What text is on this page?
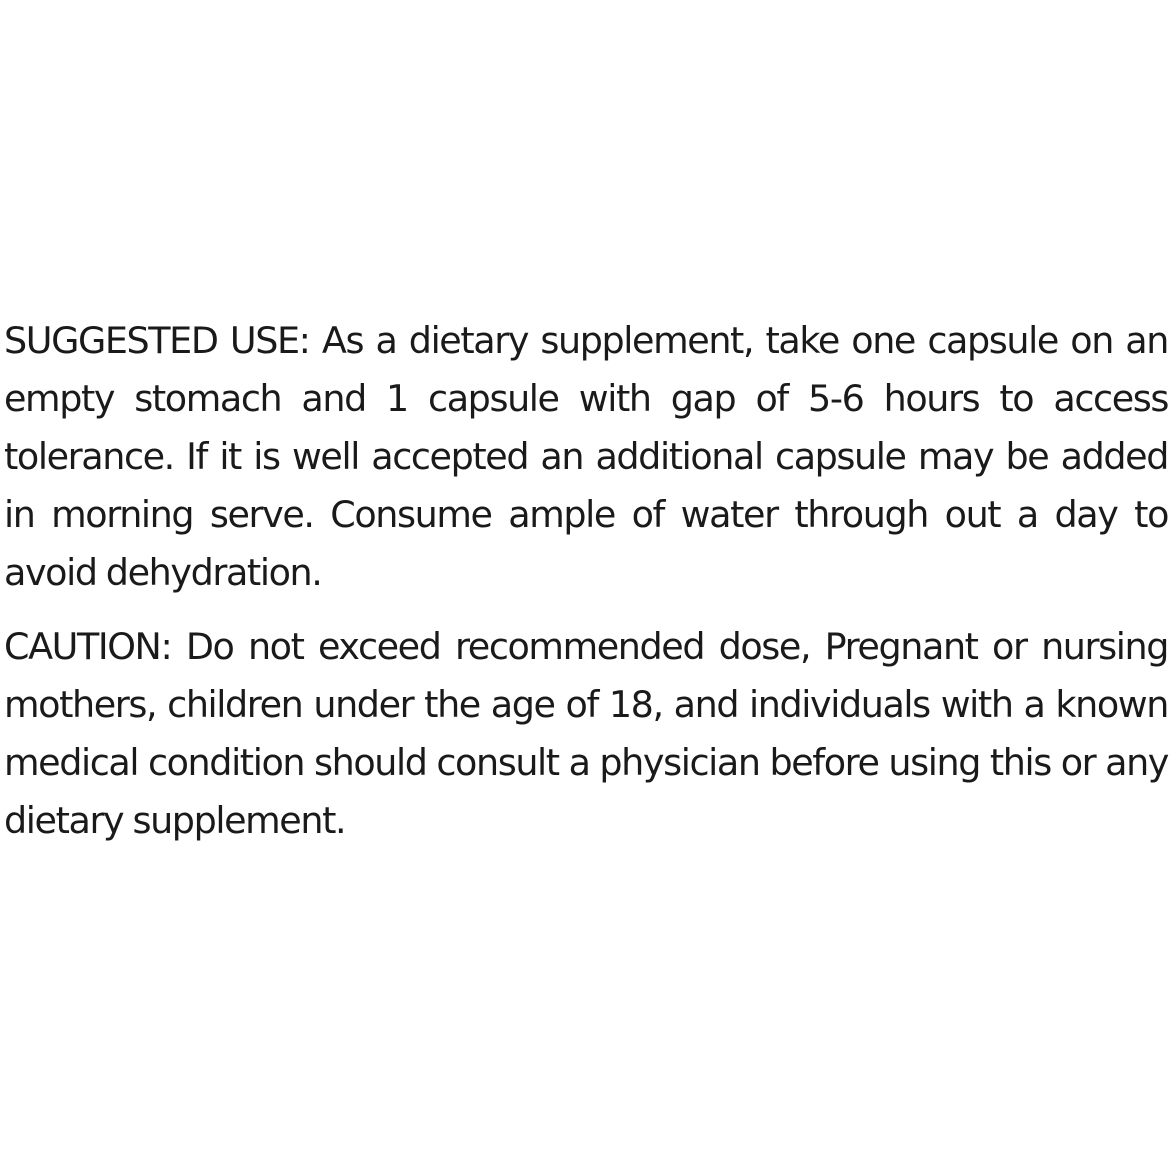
SUGGESTED USE: As a dietary supplement, take one capsule on an empty stomach and 1 capsule with gap of 5-6 hours to access tolerance. If it is well accepted an additional capsule may be added in morning serve. Consume ample of water through out a day to avoid dehydration.

CAUTION: Do not exceed recommended dose, Pregnant or nursing mothers, children under the age of 18, and individuals with a known medical condition should consult a physician before using this or any dietary supplement.
